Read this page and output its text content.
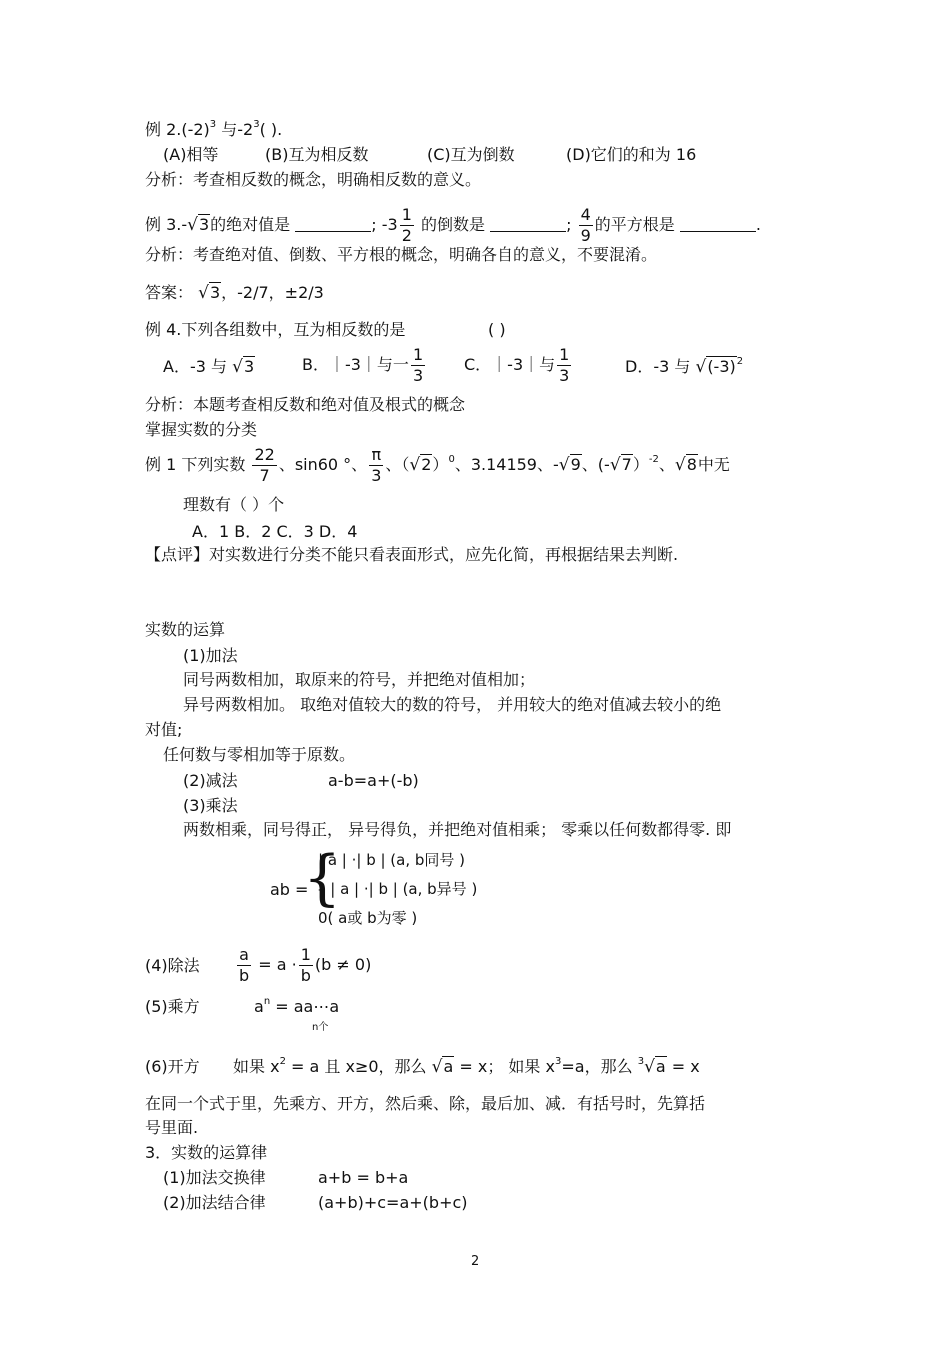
例 $2.(-2)^3$ 与$-2^3$( ).
(A)相等	(B)互为相反数	(C)互为倒数	(D)它们的和为 16
分析：考查相反数的概念，明确相反数的意义。
例 3.-√3的绝对值是	; $-3 \frac{1}{2}$ 的倒数是	; $\frac{4}{9}$ 的平方根是	.
分析：考查绝对值、倒数、平方根的概念，明确各自的意义，不要混淆。
答案： √3，-2/7，±2/3
例 4.下列各组数中，互为相反数的是	( )
A．-3 与 √3	B．｜-3｜与一 $\frac{1}{3}$ C．｜-3｜与 $\frac{1}{3}$	D．-3 与 $√(-3)^2$
分析：本题考查相反数和绝对值及根式的概念
掌握实数的分类
例 1 下列实数 $\frac{22}{7}$ 、sin60 °、 $\frac{\pi}{3}$ 、$(√2)^0$、3.14159、-√9、(-√7）$^{-2}$、√8中无
理数有（ ）个
A．1 B．2 C．3 D．4
【点评】对实数进行分类不能只看表面形式，应先化简，再根据结果去判断.
实数的运算
(1)加法
同号两数相加，取原来的符号，并把绝对值相加；
异号两数相加。 取绝对值较大的数的符号， 并用较大的绝对值减去较小的绝
对值;
任何数与零相加等于原数。
(2)减法	a-b=a+(-b)
(3)乘法
两数相乘，同号得正， 异号得负，并把绝对值相乘； 零乘以任何数都得零. 即
ab =
{
| a | ·| b | (a, b同号 )
– | a | ·| b | (a, b异号 )
0( a或 b为零 )
(4)除法 $\frac{a}{b} = a \cdot \frac{1}{b} (b \ne 0)$
(5)乘方	$a^n$ = aa⋯a
n个
(6)开方 如果 $x^2 = a$ 且 x≥0，那么 √a = x； 如果 $x^3=a$，那么 $^3$√a = x
在同一个式于里，先乘方、开方，然后乘、除，最后加、减．有括号时，先算括
号里面.
3．实数的运算律
(1)加法交换律	a+b = b+a
(2)加法结合律	(a+b)+c=a+(b+c)
2
